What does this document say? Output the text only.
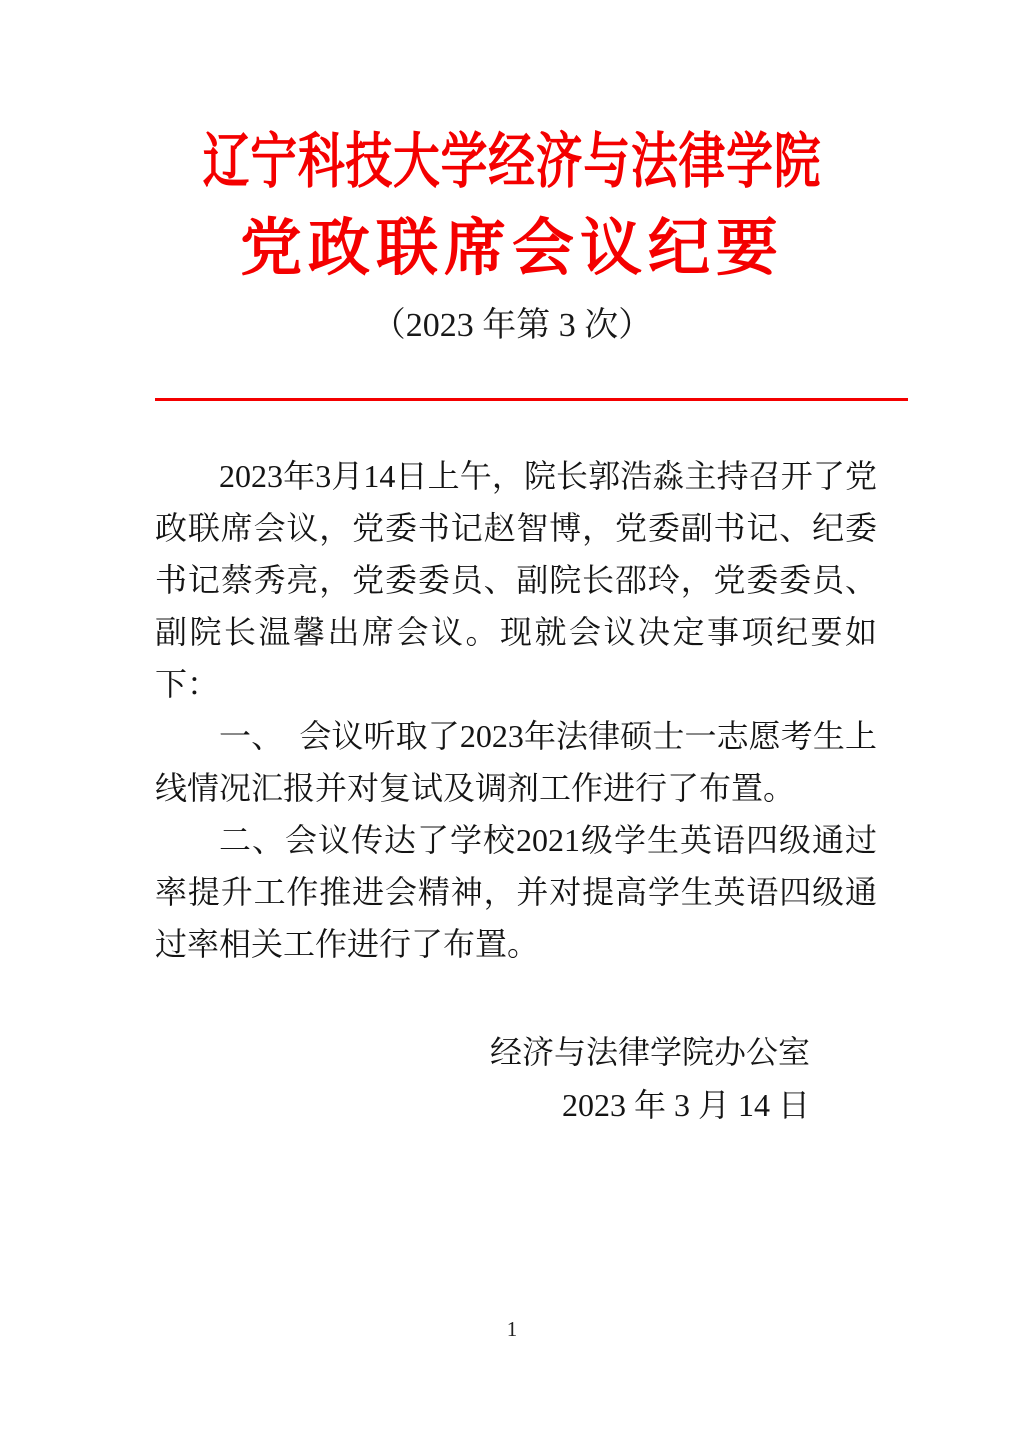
辽宁科技大学经济与法律学院
党政联席会议纪要

（2023 年第 3 次）

2023年3月14日上午，院长郭浩淼主持召开了党政联席会议，党委书记赵智博，党委副书记、纪委书记蔡秀亮，党委委员、副院长邵玲，党委委员、副院长温馨出席会议。现就会议决定事项纪要如下：

一、　会议听取了2023年法律硕士一志愿考生上线情况汇报并对复试及调剂工作进行了布置。

二、会议传达了学校2021级学生英语四级通过率提升工作推进会精神，并对提高学生英语四级通过率相关工作进行了布置。

经济与法律学院办公室

2023 年 3 月 14 日

1
